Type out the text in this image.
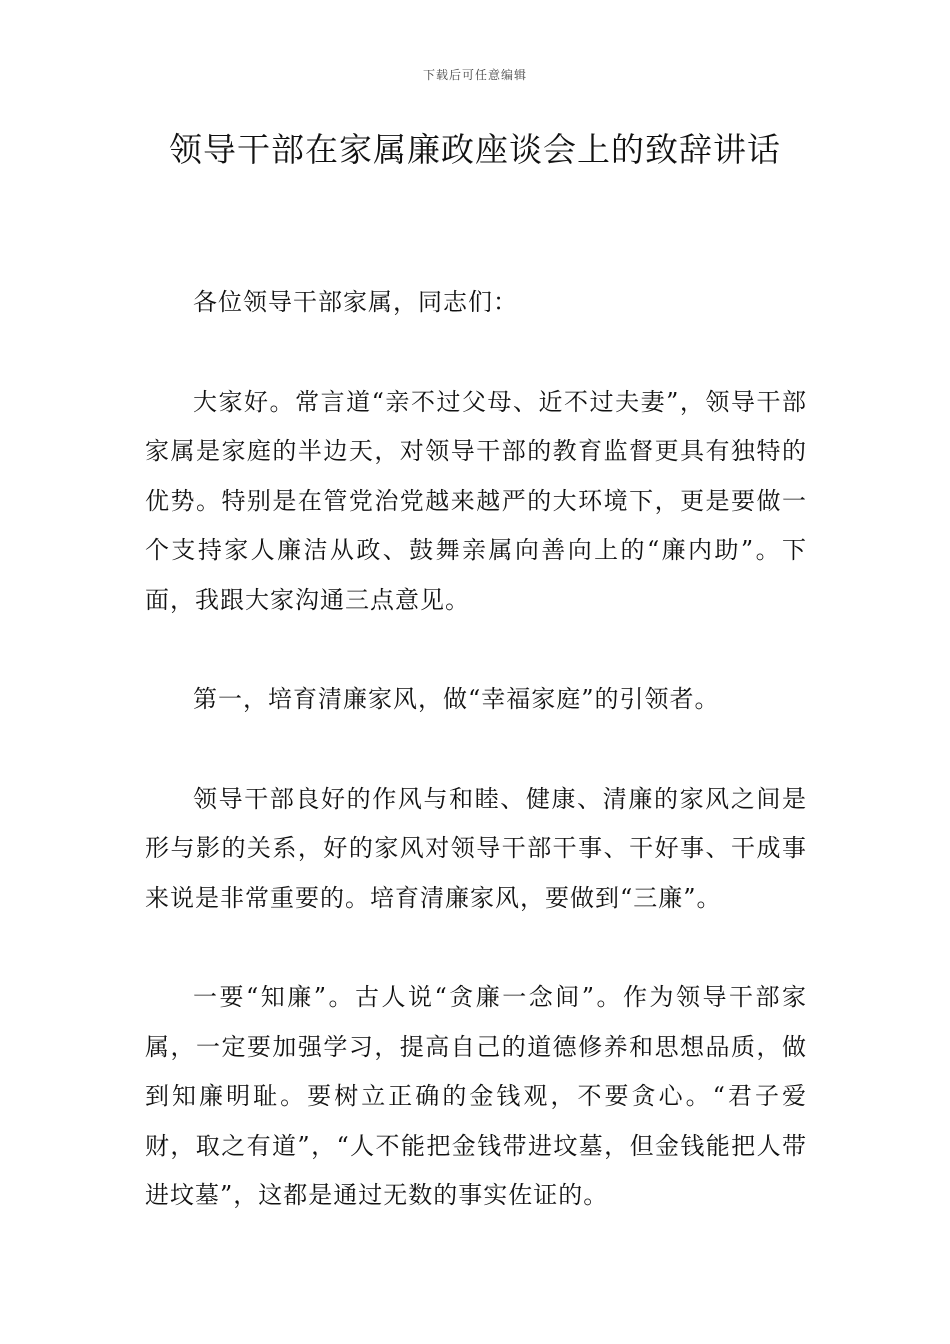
下载后可任意编辑
领导干部在家属廉政座谈会上的致辞讲话

各位领导干部家属，同志们：

大家好。常言道“亲不过父母、近不过夫妻”，领导干部家属是家庭的半边天，对领导干部的教育监督更具有独特的优势。特别是在管党治党越来越严的大环境下，更是要做一个支持家人廉洁从政、鼓舞亲属向善向上的“廉内助”。下面，我跟大家沟通三点意见。

第一，培育清廉家风，做“幸福家庭”的引领者。

领导干部良好的作风与和睦、健康、清廉的家风之间是形与影的关系，好的家风对领导干部干事、干好事、干成事来说是非常重要的。培育清廉家风，要做到“三廉”。

一要“知廉”。古人说“贪廉一念间”。作为领导干部家属，一定要加强学习，提高自己的道德修养和思想品质，做到知廉明耻。要树立正确的金钱观，不要贪心。“君子爱财，取之有道”，“人不能把金钱带进坟墓，但金钱能把人带进坟墓”，这都是通过无数的事实佐证的。
